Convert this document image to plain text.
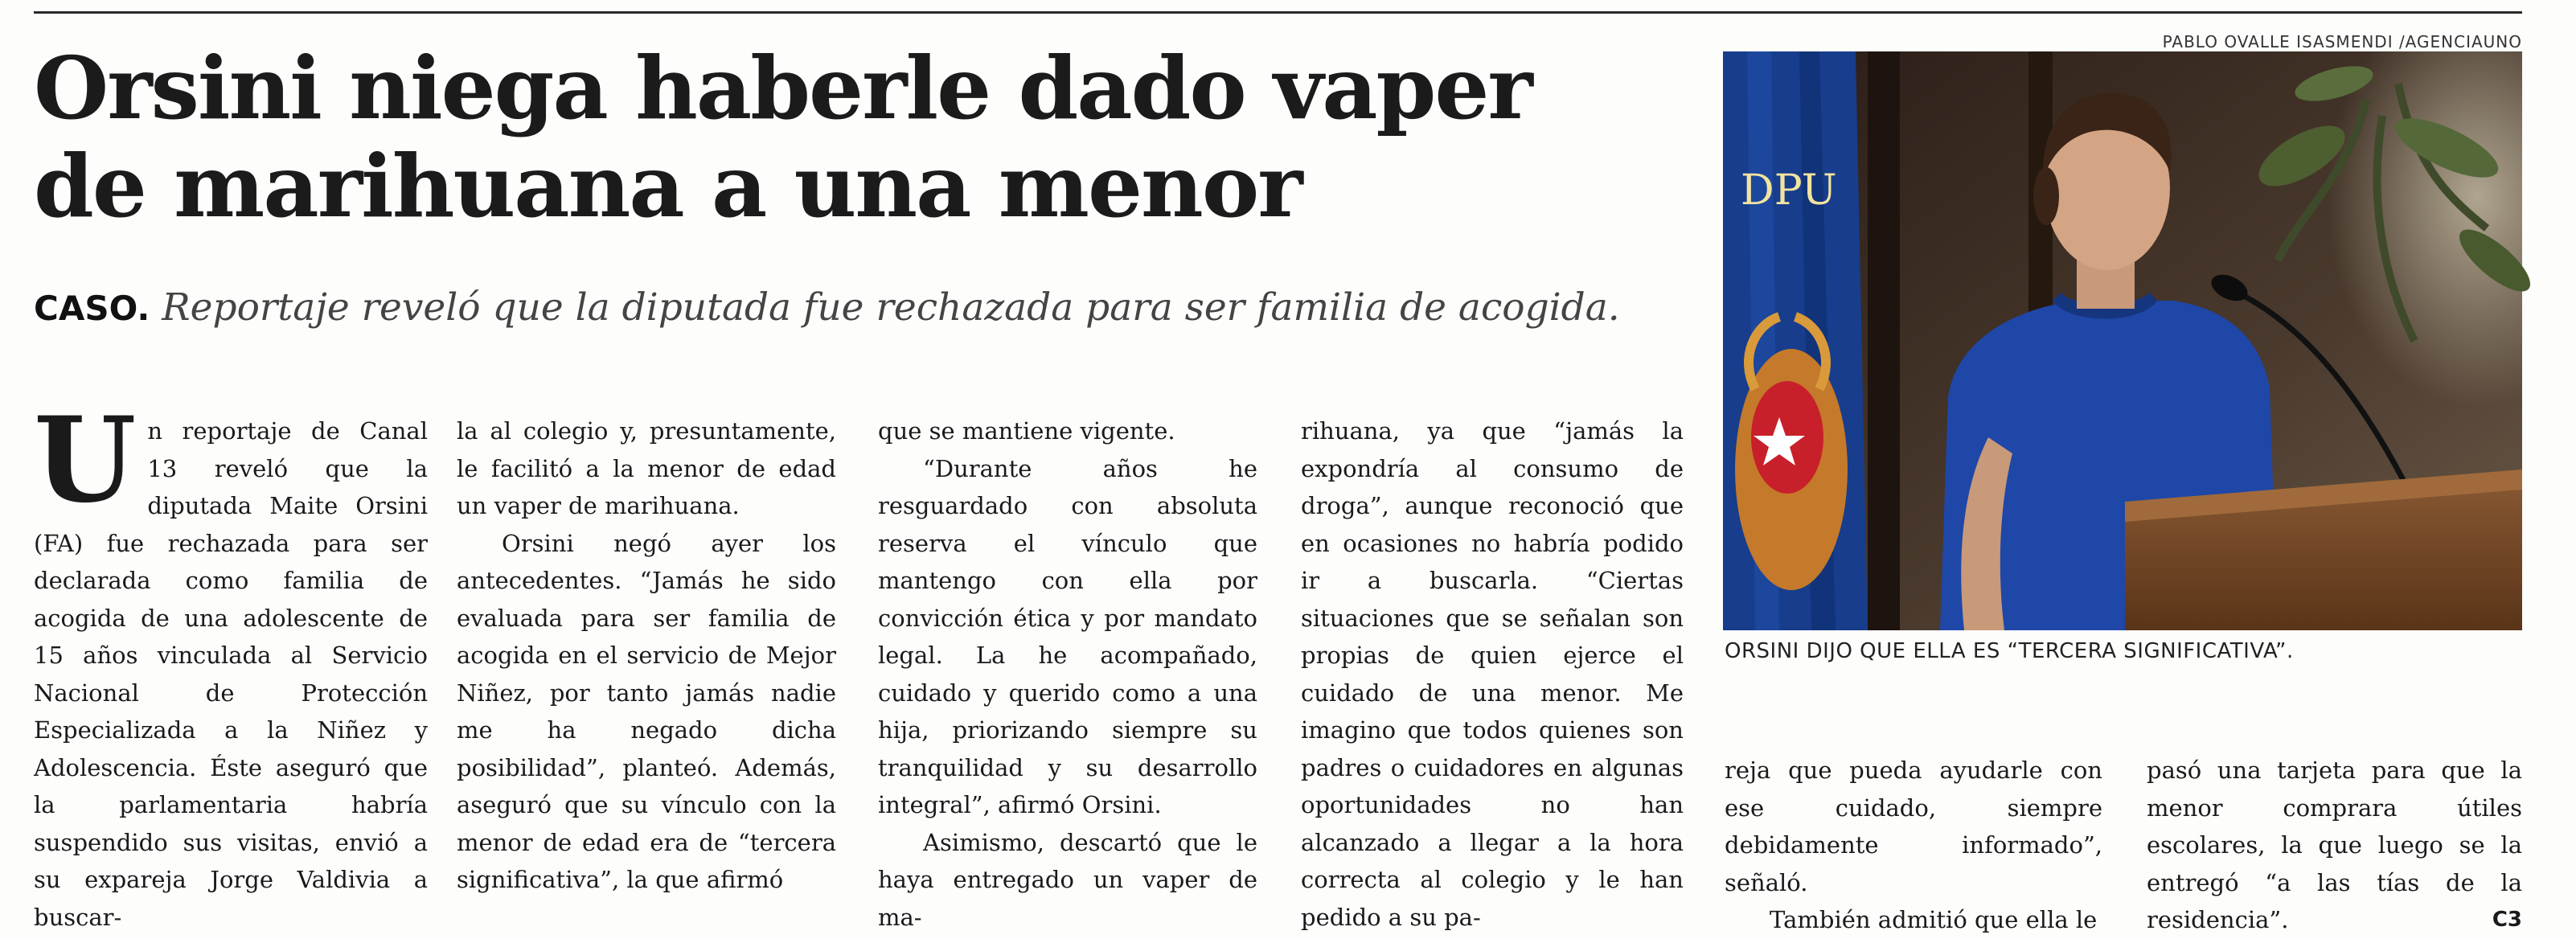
Orsini niega haberle dado vaper
de marihuana a una menor
CASO. Reportaje reveló que la diputada fue rechazada para ser familia de acogida.

Un reportaje de Canal 13 reveló que la diputada Maite Orsini (FA) fue rechazada para ser declarada como familia de acogida de una adolescente de 15 años vinculada al Servicio Nacional de Protección Especializada a la Niñez y Adolescencia. Éste aseguró que la parlamentaria habría suspendido sus visitas, envió a su expareja Jorge Valdivia a buscar-

la al colegio y, presuntamente, le facilitó a la menor de edad un vaper de marihuana.

Orsini negó ayer los antecedentes. “Jamás he sido evaluada para ser familia de acogida en el servicio de Mejor Niñez, por tanto jamás nadie me ha negado dicha posibilidad”, planteó. Además, aseguró que su vínculo con la menor de edad era de “tercera significativa”, la que afirmó

que se mantiene vigente.

“Durante años he resguardado con absoluta reserva el vínculo que mantengo con ella por convicción ética y por mandato legal. La he acompañado, cuidado y querido como a una hija, priorizando siempre su tranquilidad y su desarrollo integral”, afirmó Orsini.

Asimismo, descartó que le haya entregado un vaper de ma-

rihuana, ya que “jamás la expondría al consumo de droga”, aunque reconoció que en ocasiones no habría podido ir a buscarla. “Ciertas situaciones que se señalan son propias de quien ejerce el cuidado de una menor. Me imagino que todos quienes son padres o cuidadores en algunas oportunidades no han alcanzado a llegar a la hora correcta al colegio y le han pedido a su pa-

reja que pueda ayudarle con ese cuidado, siempre debidamente informado”, señaló.

También admitió que ella le

pasó una tarjeta para que la menor comprara útiles escolares, la que luego se la entregó “a las tías de la residencia”.	C3

PABLO OVALLE ISASMENDI /AGENCIAUNO
DPU
ORSINI DIJO QUE ELLA ES “TERCERA SIGNIFICATIVA”.
